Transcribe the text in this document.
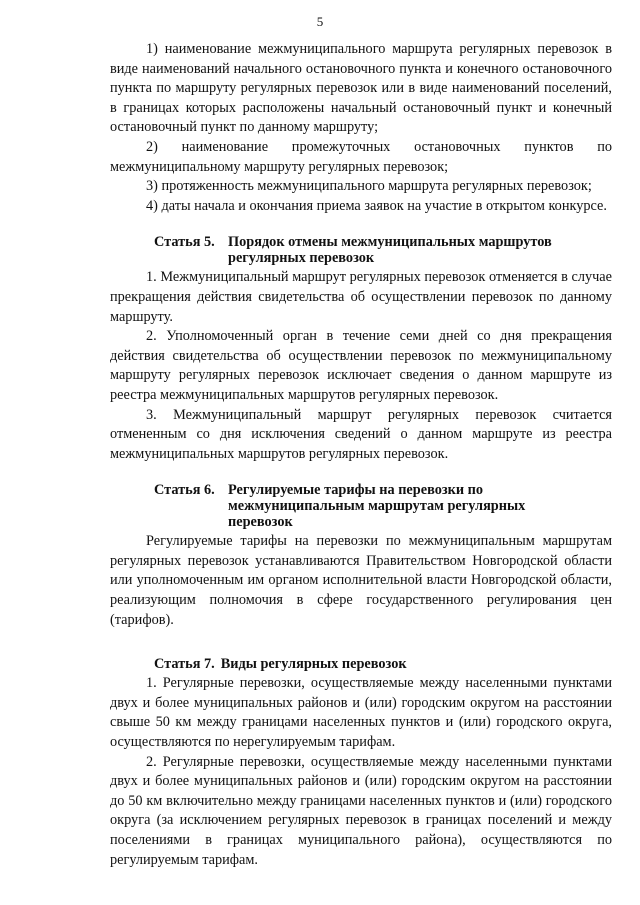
5

1) наименование межмуниципального маршрута регулярных перевозок в виде наименований начального остановочного пункта и конечного остановочного пункта по маршруту регулярных перевозок или в виде наименований поселений, в границах которых расположены начальный остановочный пункт и конечный остановочный пункт по данному маршруту;

2) наименование промежуточных остановочных пунктов по межмуниципальному маршруту регулярных перевозок;

3) протяженность межмуниципального маршрута регулярных перевозок;

4) даты начала и окончания приема заявок на участие в открытом конкурсе.

Статья 5. Порядок отмены межмуниципальных маршрутов регулярных перевозок

1. Межмуниципальный маршрут регулярных перевозок отменяется в случае прекращения действия свидетельства об осуществлении перевозок по данному маршруту.

2. Уполномоченный орган в течение семи дней со дня прекращения действия свидетельства об осуществлении перевозок по межмуниципальному маршруту регулярных перевозок исключает сведения о данном маршруте из реестра межмуниципальных маршрутов регулярных перевозок.

3. Межмуниципальный маршрут регулярных перевозок считается отмененным со дня исключения сведений о данном маршруте из реестра межмуниципальных маршрутов регулярных перевозок.

Статья 6. Регулируемые тарифы на перевозки по межмуниципальным маршрутам регулярных перевозок

Регулируемые тарифы на перевозки по межмуниципальным маршрутам регулярных перевозок устанавливаются Правительством Новгородской области или уполномоченным им органом исполнительной власти Новгородской области, реализующим полномочия в сфере государственного регулирования цен (тарифов).

Статья 7. Виды регулярных перевозок

1. Регулярные перевозки, осуществляемые между населенными пунктами двух и более муниципальных районов и (или) городским округом на расстоянии свыше 50 км между границами населенных пунктов и (или) городского округа, осуществляются по нерегулируемым тарифам.

2. Регулярные перевозки, осуществляемые между населенными пунктами двух и более муниципальных районов и (или) городским округом на расстоянии до 50 км включительно между границами населенных пунктов и (или) городского округа (за исключением регулярных перевозок в границах поселений и между поселениями в границах муниципального района), осуществляются по регулируемым тарифам.
